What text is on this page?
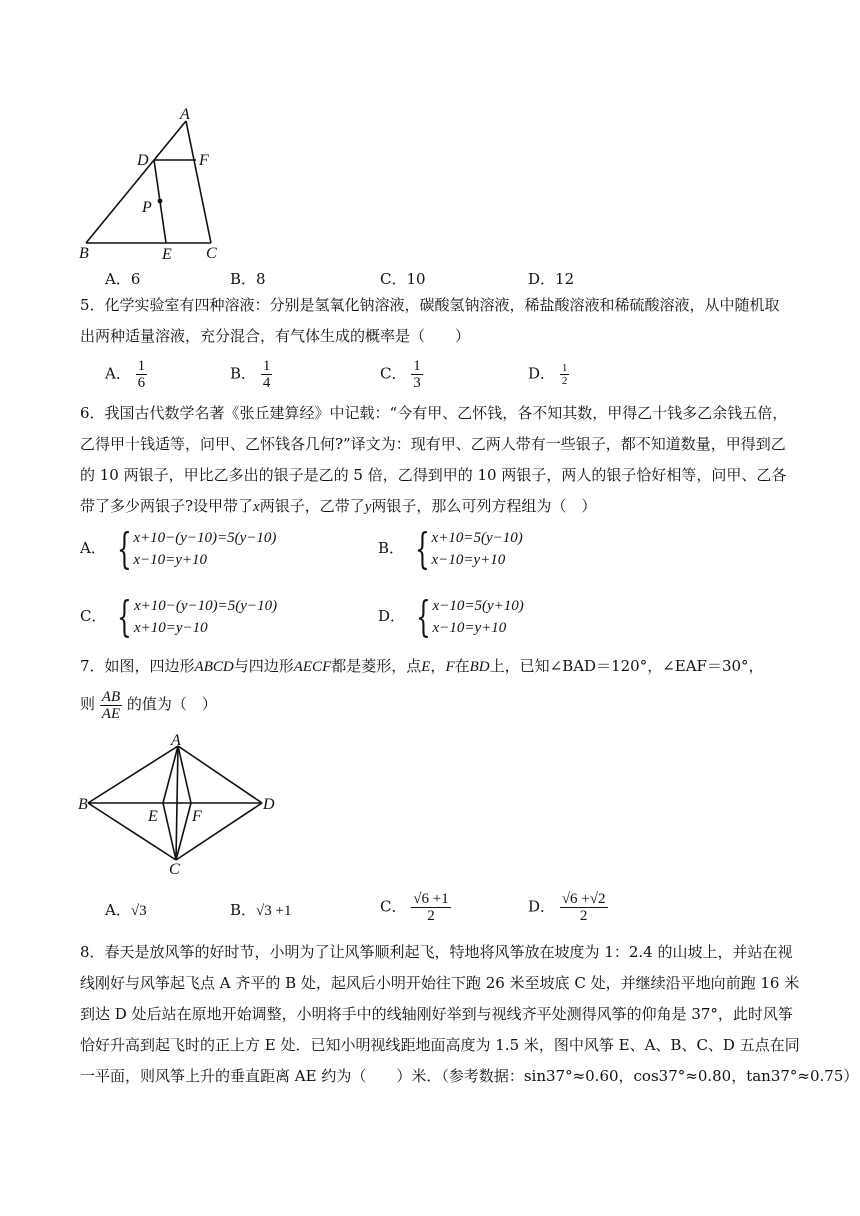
A
D	F
P
B	E C
A．6	B．8	C．10	D．12
5．化学实验室有四种溶液：分别是氢氧化钠溶液，碳酸氢钠溶液，稀盐酸溶液和稀硫酸溶液，从中随机取
出两种适量溶液，充分混合，有气体生成的概率是（　　）
A． $\frac{1}{6}$	B． $\frac{1}{4}$	C． $\frac{1}{3}$	D． $\frac{1}{2}$
6．我国古代数学名著《张丘建算经》中记载：“今有甲、乙怀钱，各不知其数，甲得乙十钱多乙余钱五倍，
乙得甲十钱适等，问甲、乙怀钱各几何?”译文为：现有甲、乙两人带有一些银子，都不知道数量，甲得到乙
的 10 两银子，甲比乙多出的银子是乙的 5 倍，乙得到甲的 10 两银子，两人的银子恰好相等，问甲、乙各
带了多少两银子?设甲带了x两银子，乙带了y两银子，那么可列方程组为（　）
A． { x+10−(y−10)=5(y−10)
x−10=y+10
B． { x+10=5(y−10)
x−10=y+10
C． { x+10−(y−10)=5(y−10)
x+10=y−10
D． { x−10=5(y+10)
x−10=y+10
7．如图，四边形ABCD与四边形AECF都是菱形，点E，F在BD上，已知∠BAD＝120°，∠EAF＝30°，
则 $\frac{AB}{AE}$ 的值为（　）
A
B
E F
D
C
A．√3	B．√3 +1	C． $\frac{√6 +1}{2}$	D． $\frac{√6 +√2}{2}$
8．春天是放风筝的好时节，小明为了让风筝顺利起飞，特地将风筝放在坡度为 1：2.4 的山坡上，并站在视
线刚好与风筝起飞点 A 齐平的 B 处，起风后小明开始往下跑 26 米至坡底 C 处，并继续沿平地向前跑 16 米
到达 D 处后站在原地开始调整，小明将手中的线轴刚好举到与视线齐平处测得风筝的仰角是 37°，此时风筝
恰好升高到起飞时的正上方 E 处．已知小明视线距地面高度为 1.5 米，图中风筝 E、A、B、C、D 五点在同
一平面，则风筝上升的垂直距离 AE 约为（　　）米．（参考数据：sin37°≈0.60，cos37°≈0.80，tan37°≈0.75）
